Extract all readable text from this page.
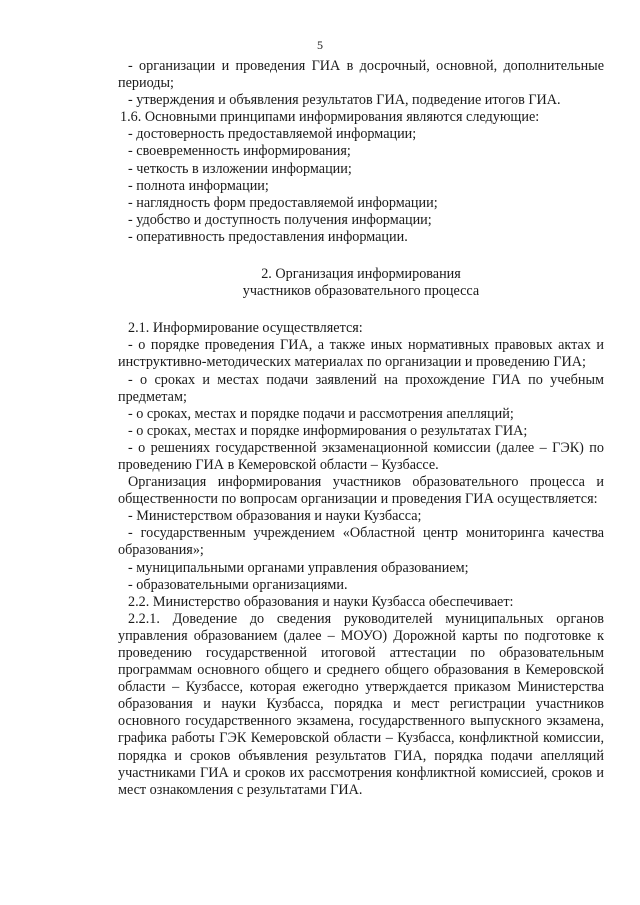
5

- организации и проведения ГИА в досрочный, основной, дополнительные периоды;

- утверждения и объявления результатов ГИА, подведение итогов ГИА.

1.6. Основными принципами информирования являются следующие:

- достоверность предоставляемой информации;

- своевременность информирования;

- четкость в изложении информации;

- полнота информации;

- наглядность форм предоставляемой информации;

- удобство и доступность получения информации;

- оперативность предоставления информации.

2. Организация информирования

участников образовательного процесса

2.1. Информирование осуществляется:

- о порядке проведения ГИА, а также иных нормативных правовых актах и инструктивно-методических материалах по организации и проведению ГИА;

- о сроках и местах подачи заявлений на прохождение ГИА по учебным предметам;

- о сроках, местах и порядке подачи и рассмотрения апелляций;

- о сроках, местах и порядке информирования о результатах ГИА;

- о решениях государственной экзаменационной комиссии (далее – ГЭК) по проведению ГИА в Кемеровской области – Кузбассе.

Организация информирования участников образовательного процесса и общественности по вопросам организации и проведения ГИА осуществляется:

- Министерством образования и науки Кузбасса;

- государственным учреждением «Областной центр мониторинга качества образования»;

- муниципальными органами управления образованием;

- образовательными организациями.

2.2. Министерство образования и науки Кузбасса обеспечивает:

2.2.1. Доведение до сведения руководителей муниципальных органов управления образованием (далее – МОУО) Дорожной карты по подготовке к проведению государственной итоговой аттестации по образовательным программам основного общего и среднего общего образования в Кемеровской области – Кузбассе, которая ежегодно утверждается приказом Министерства образования и науки Кузбасса, порядка и мест регистрации участников основного государственного экзамена, государственного выпускного экзамена, графика работы ГЭК Кемеровской области – Кузбасса, конфликтной комиссии, порядка и сроков объявления результатов ГИА, порядка подачи апелляций участниками ГИА и сроков их рассмотрения конфликтной комиссией, сроков и мест ознакомления с результатами ГИА.
